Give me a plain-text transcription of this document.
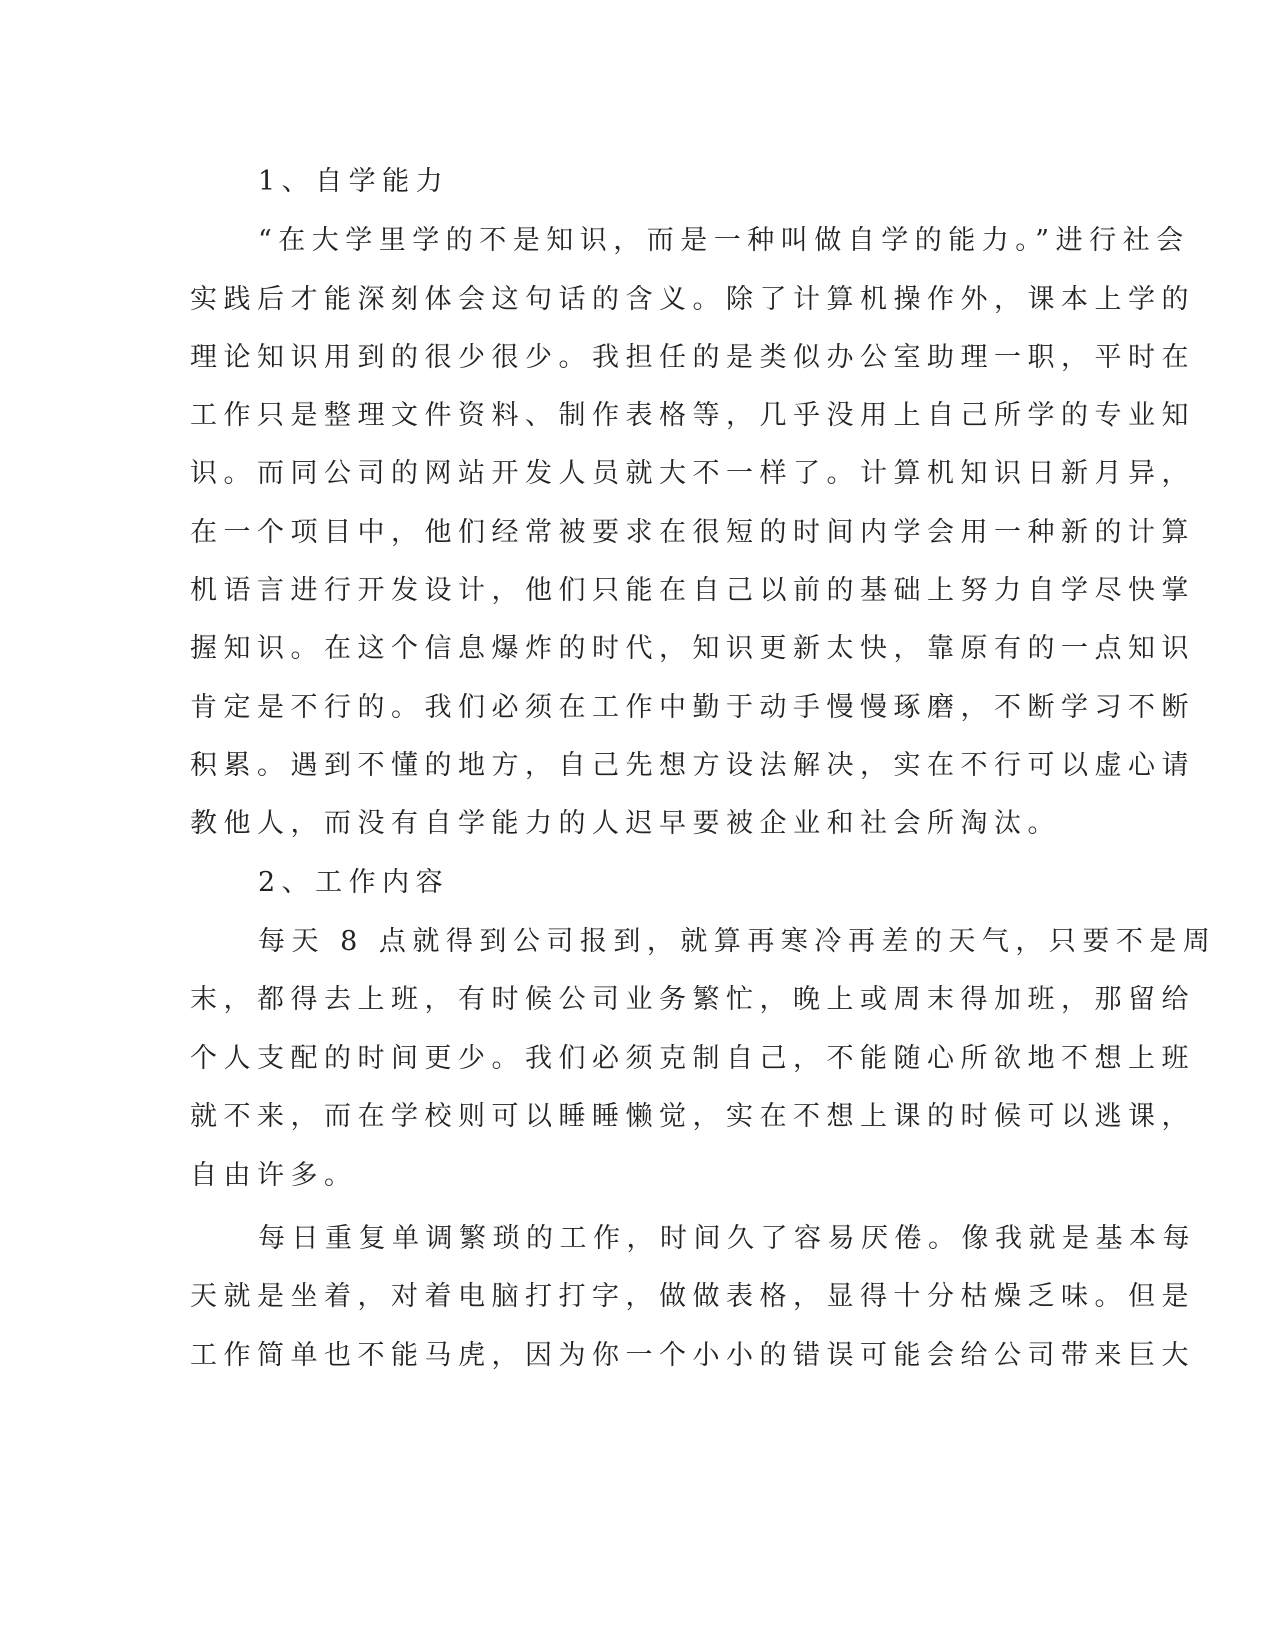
1、自学能力

“在大学里学的不是知识，而是一种叫做自学的能力。”进行社会

实践后才能深刻体会这句话的含义。除了计算机操作外，课本上学的

理论知识用到的很少很少。我担任的是类似办公室助理一职，平时在

工作只是整理文件资料、制作表格等，几乎没用上自己所学的专业知

识。而同公司的网站开发人员就大不一样了。计算机知识日新月异，

在一个项目中，他们经常被要求在很短的时间内学会用一种新的计算

机语言进行开发设计，他们只能在自己以前的基础上努力自学尽快掌

握知识。在这个信息爆炸的时代，知识更新太快，靠原有的一点知识

肯定是不行的。我们必须在工作中勤于动手慢慢琢磨，不断学习不断

积累。遇到不懂的地方，自己先想方设法解决，实在不行可以虚心请

教他人，而没有自学能力的人迟早要被企业和社会所淘汰。

2、工作内容

每天 8 点就得到公司报到，就算再寒冷再差的天气，只要不是周

末，都得去上班，有时候公司业务繁忙，晚上或周末得加班，那留给

个人支配的时间更少。我们必须克制自己，不能随心所欲地不想上班

就不来，而在学校则可以睡睡懒觉，实在不想上课的时候可以逃课，

自由许多。

每日重复单调繁琐的工作，时间久了容易厌倦。像我就是基本每

天就是坐着，对着电脑打打字，做做表格，显得十分枯燥乏味。但是

工作简单也不能马虎，因为你一个小小的错误可能会给公司带来巨大
